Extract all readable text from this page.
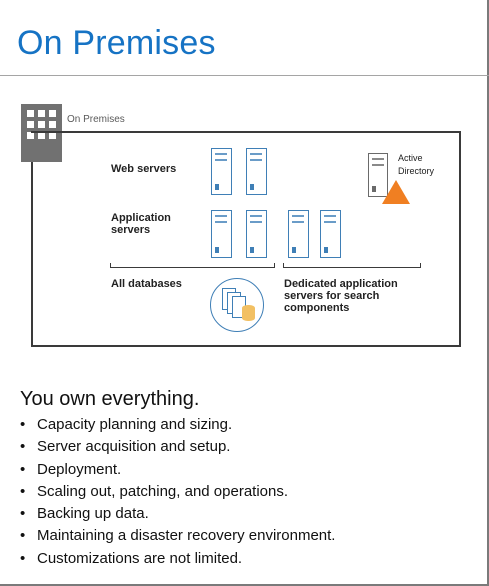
On Premises
On Premises
Web servers
Application servers
All databases	Dedicated application servers for search components
Active Directory
You own everything.
• Capacity planning and sizing.
• Server acquisition and setup.
• Deployment.
• Scaling out, patching, and operations.
• Backing up data.
• Maintaining a disaster recovery environment.
• Customizations are not limited.
